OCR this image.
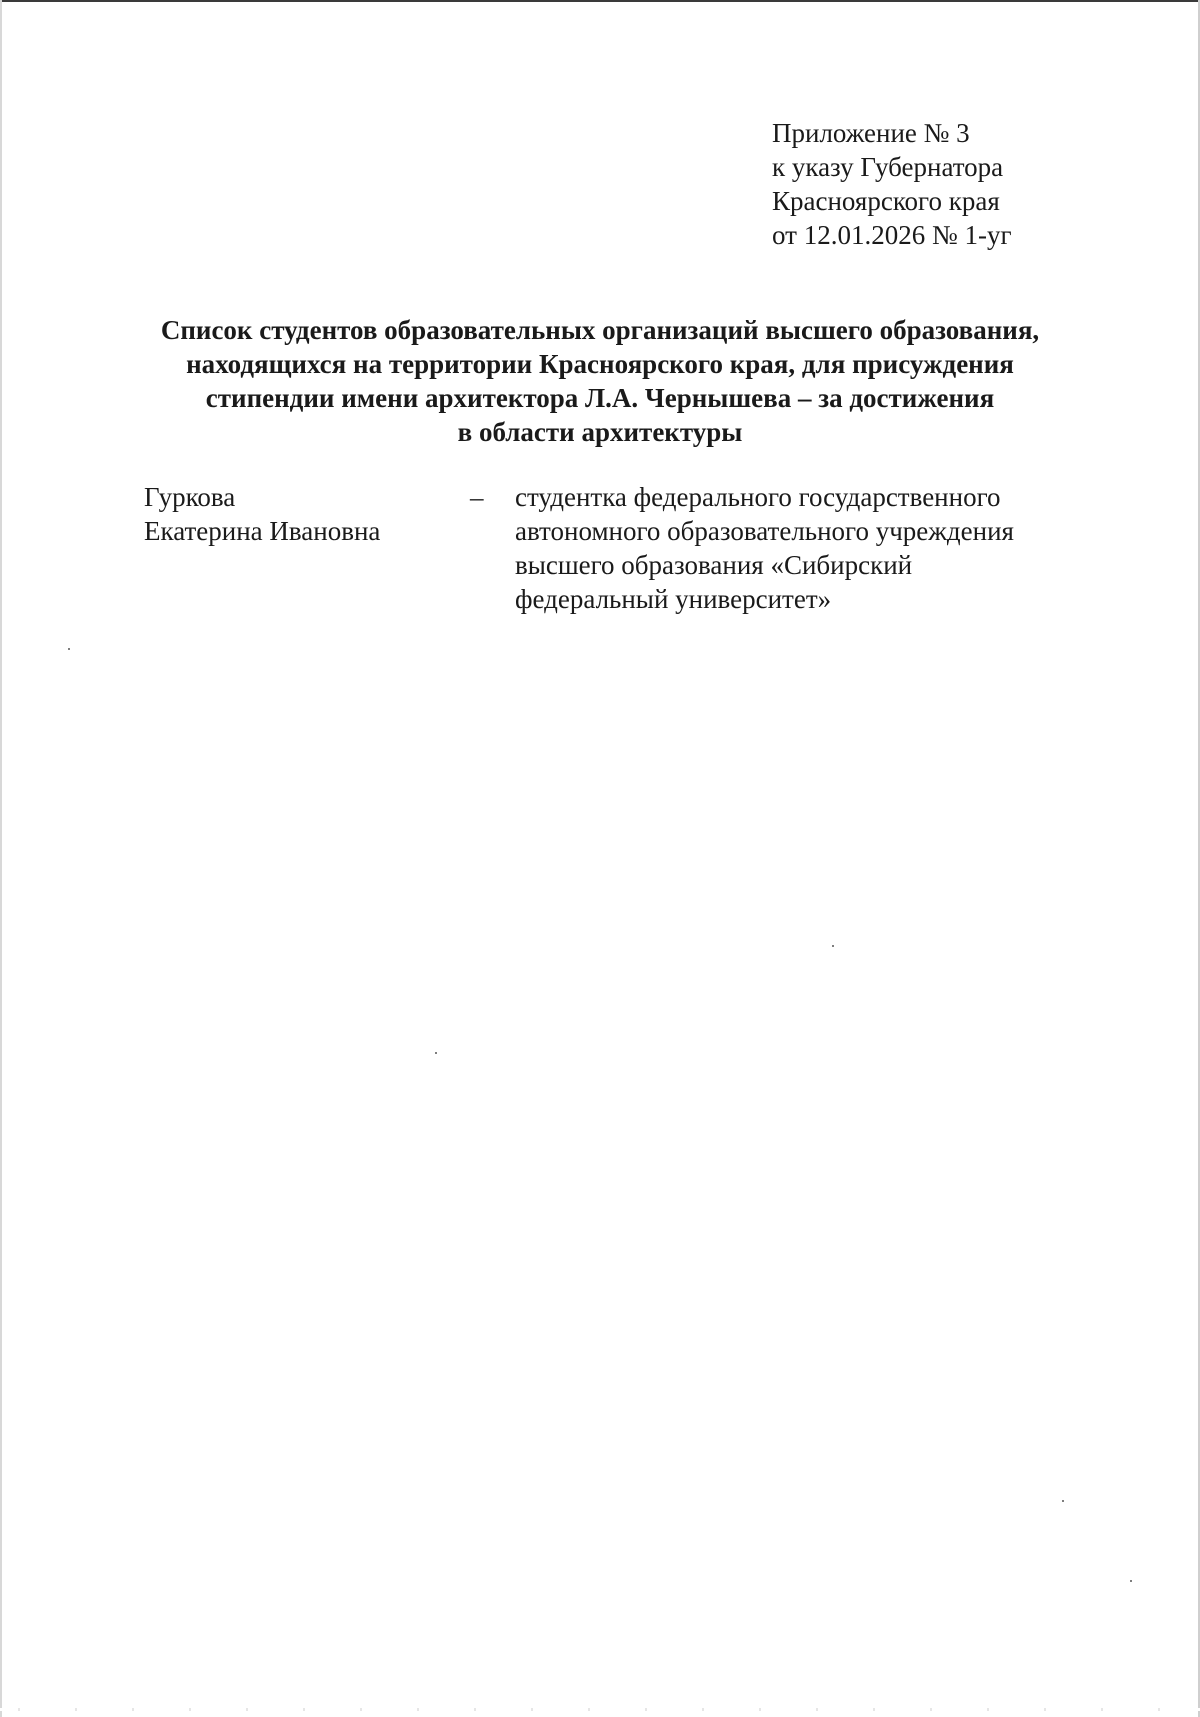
Приложение № 3
к указу Губернатора
Красноярского края
от 12.01.2026 № 1-уг
Список студентов образовательных организаций высшего образования,
находящихся на территории Красноярского края, для присуждения
стипендии имени архитектора Л.А. Чернышева – за достижения
в области архитектуры
Гуркова
Екатерина Ивановна
– студентка федерального государственного
автономного образовательного учреждения
высшего образования «Сибирский
федеральный университет»
